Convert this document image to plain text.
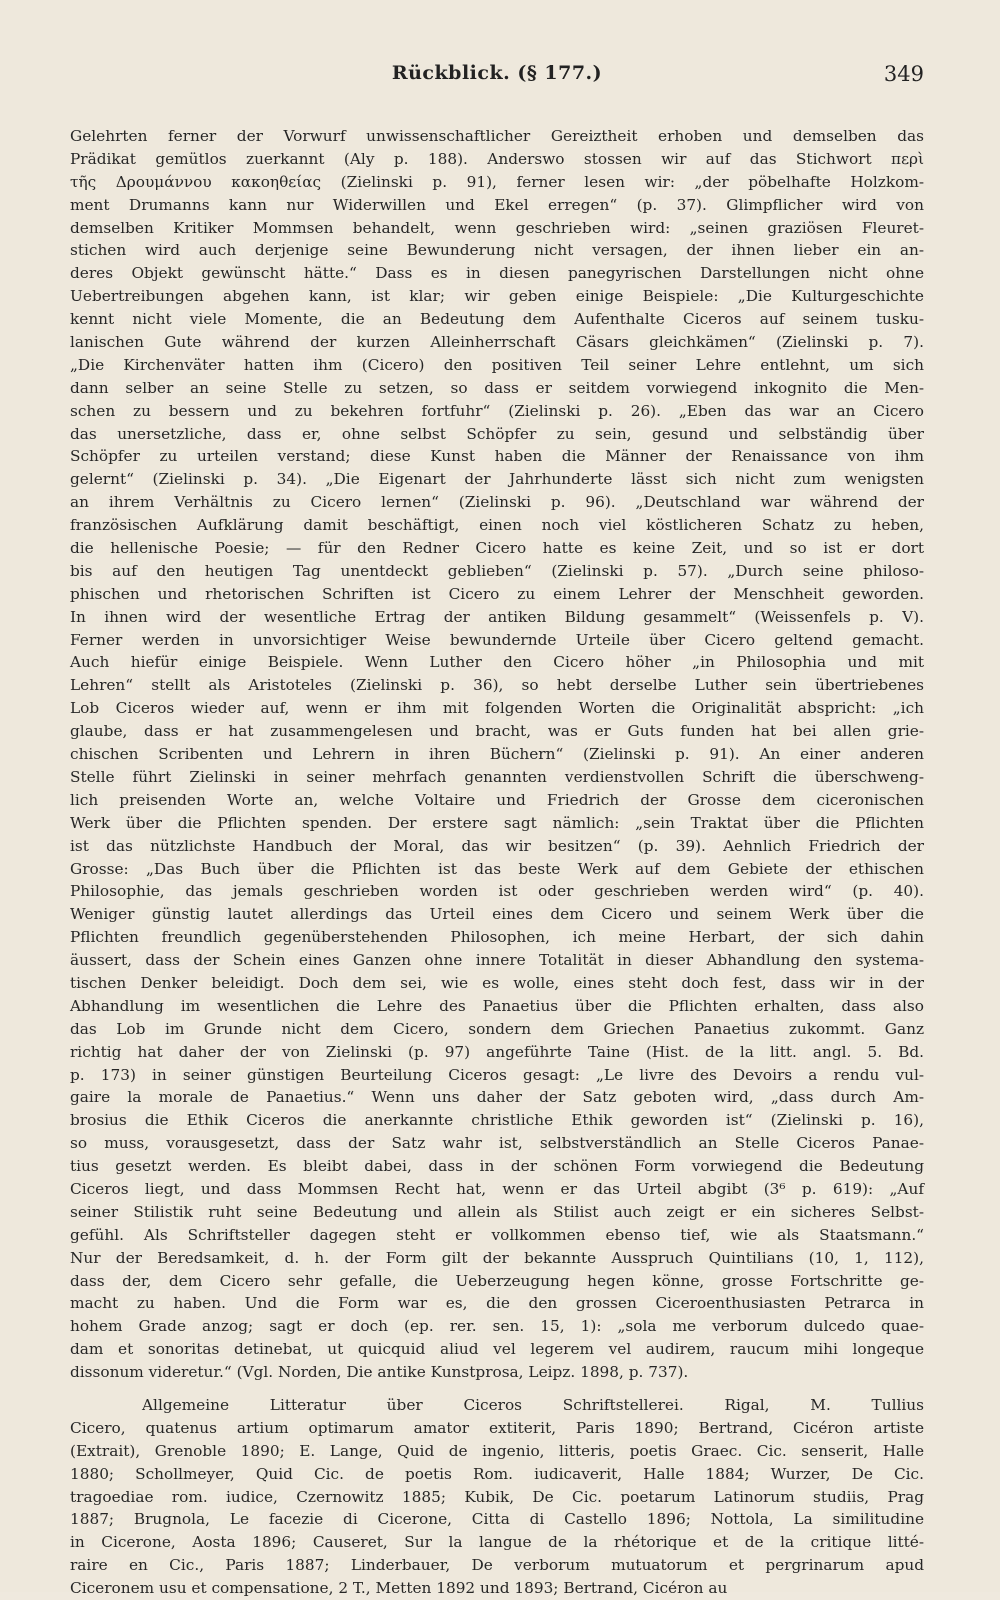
Rückblick. (§ 177.)	349
Gelehrten ferner der Vorwurf unwissenschaftlicher Gereiztheit erhoben und demselben das
Prädikat gemütlos zuerkannt (Aly p. 188). Anderswo stossen wir auf das Stichwort περὶ
τῆς Δρουμάννου κακοηθείας (Zielinski p. 91), ferner lesen wir: „der pöbelhafte Holzkom-
ment Drumanns kann nur Widerwillen und Ekel erregen“ (p. 37). Glimpflicher wird von
demselben Kritiker Mommsen behandelt, wenn geschrieben wird: „seinen graziösen Fleuret-
stichen wird auch derjenige seine Bewunderung nicht versagen, der ihnen lieber ein an-
deres Objekt gewünscht hätte.“ Dass es in diesen panegyrischen Darstellungen nicht ohne
Uebertreibungen abgehen kann, ist klar; wir geben einige Beispiele: „Die Kulturgeschichte
kennt nicht viele Momente, die an Bedeutung dem Aufenthalte Ciceros auf seinem tusku-
lanischen Gute während der kurzen Alleinherrschaft Cäsars gleichkämen“ (Zielinski p. 7).
„Die Kirchenväter hatten ihm (Cicero) den positiven Teil seiner Lehre entlehnt, um sich
dann selber an seine Stelle zu setzen, so dass er seitdem vorwiegend inkognito die Men-
schen zu bessern und zu bekehren fortfuhr“ (Zielinski p. 26). „Eben das war an Cicero
das unersetzliche, dass er, ohne selbst Schöpfer zu sein, gesund und selbständig über
Schöpfer zu urteilen verstand; diese Kunst haben die Männer der Renaissance von ihm
gelernt“ (Zielinski p. 34). „Die Eigenart der Jahrhunderte lässt sich nicht zum wenigsten
an ihrem Verhältnis zu Cicero lernen“ (Zielinski p. 96). „Deutschland war während der
französischen Aufklärung damit beschäftigt, einen noch viel köstlicheren Schatz zu heben,
die hellenische Poesie; — für den Redner Cicero hatte es keine Zeit, und so ist er dort
bis auf den heutigen Tag unentdeckt geblieben“ (Zielinski p. 57). „Durch seine philoso-
phischen und rhetorischen Schriften ist Cicero zu einem Lehrer der Menschheit geworden.
In ihnen wird der wesentliche Ertrag der antiken Bildung gesammelt“ (Weissenfels p. V).
Ferner werden in unvorsichtiger Weise bewundernde Urteile über Cicero geltend gemacht.
Auch hiefür einige Beispiele. Wenn Luther den Cicero höher „in Philosophia und mit
Lehren“ stellt als Aristoteles (Zielinski p. 36), so hebt derselbe Luther sein übertriebenes
Lob Ciceros wieder auf, wenn er ihm mit folgenden Worten die Originalität abspricht: „ich
glaube, dass er hat zusammengelesen und bracht, was er Guts funden hat bei allen grie-
chischen Scribenten und Lehrern in ihren Büchern“ (Zielinski p. 91). An einer anderen
Stelle führt Zielinski in seiner mehrfach genannten verdienstvollen Schrift die überschweng-
lich preisenden Worte an, welche Voltaire und Friedrich der Grosse dem ciceronischen
Werk über die Pflichten spenden. Der erstere sagt nämlich: „sein Traktat über die Pflichten
ist das nützlichste Handbuch der Moral, das wir besitzen“ (p. 39). Aehnlich Friedrich der
Grosse: „Das Buch über die Pflichten ist das beste Werk auf dem Gebiete der ethischen
Philosophie, das jemals geschrieben worden ist oder geschrieben werden wird“ (p. 40).
Weniger günstig lautet allerdings das Urteil eines dem Cicero und seinem Werk über die
Pflichten freundlich gegenüberstehenden Philosophen, ich meine Herbart, der sich dahin
äussert, dass der Schein eines Ganzen ohne innere Totalität in dieser Abhandlung den systema-
tischen Denker beleidigt. Doch dem sei, wie es wolle, eines steht doch fest, dass wir in der
Abhandlung im wesentlichen die Lehre des Panaetius über die Pflichten erhalten, dass also
das Lob im Grunde nicht dem Cicero, sondern dem Griechen Panaetius zukommt. Ganz
richtig hat daher der von Zielinski (p. 97) angeführte Taine (Hist. de la litt. angl. 5. Bd.
p. 173) in seiner günstigen Beurteilung Ciceros gesagt: „Le livre des Devoirs a rendu vul-
gaire la morale de Panaetius.“ Wenn uns daher der Satz geboten wird, „dass durch Am-
brosius die Ethik Ciceros die anerkannte christliche Ethik geworden ist“ (Zielinski p. 16),
so muss, vorausgesetzt, dass der Satz wahr ist, selbstverständlich an Stelle Ciceros Panae-
tius gesetzt werden. Es bleibt dabei, dass in der schönen Form vorwiegend die Bedeutung
Ciceros liegt, und dass Mommsen Recht hat, wenn er das Urteil abgibt (3⁶ p. 619): „Auf
seiner Stilistik ruht seine Bedeutung und allein als Stilist auch zeigt er ein sicheres Selbst-
gefühl. Als Schriftsteller dagegen steht er vollkommen ebenso tief, wie als Staatsmann.“
Nur der Beredsamkeit, d. h. der Form gilt der bekannte Ausspruch Quintilians (10, 1, 112),
dass der, dem Cicero sehr gefalle, die Ueberzeugung hegen könne, grosse Fortschritte ge-
macht zu haben. Und die Form war es, die den grossen Ciceroenthusiasten Petrarca in
hohem Grade anzog; sagt er doch (ep. rer. sen. 15, 1): „sola me verborum dulcedo quae-
dam et sonoritas detinebat, ut quicquid aliud vel legerem vel audirem, raucum mihi longeque
dissonum videretur.“ (Vgl. Norden, Die antike Kunstprosa, Leipz. 1898, p. 737).
Allgemeine Litteratur über Ciceros Schriftstellerei. Rigal, M. Tullius
Cicero, quatenus artium optimarum amator extiterit, Paris 1890; Bertrand, Cicéron artiste
(Extrait), Grenoble 1890; E. Lange, Quid de ingenio, litteris, poetis Graec. Cic. senserit, Halle
1880; Schollmeyer, Quid Cic. de poetis Rom. iudicaverit, Halle 1884; Wurzer, De Cic.
tragoediae rom. iudice, Czernowitz 1885; Kubik, De Cic. poetarum Latinorum studiis, Prag
1887; Brugnola, Le facezie di Cicerone, Citta di Castello 1896; Nottola, La similitudine
in Cicerone, Aosta 1896; Causeret, Sur la langue de la rhétorique et de la critique litté-
raire en Cic., Paris 1887; Linderbauer, De verborum mutuatorum et pergrinarum apud
Ciceronem usu et compensatione, 2 T., Metten 1892 und 1893; Bertrand, Cicéron au
